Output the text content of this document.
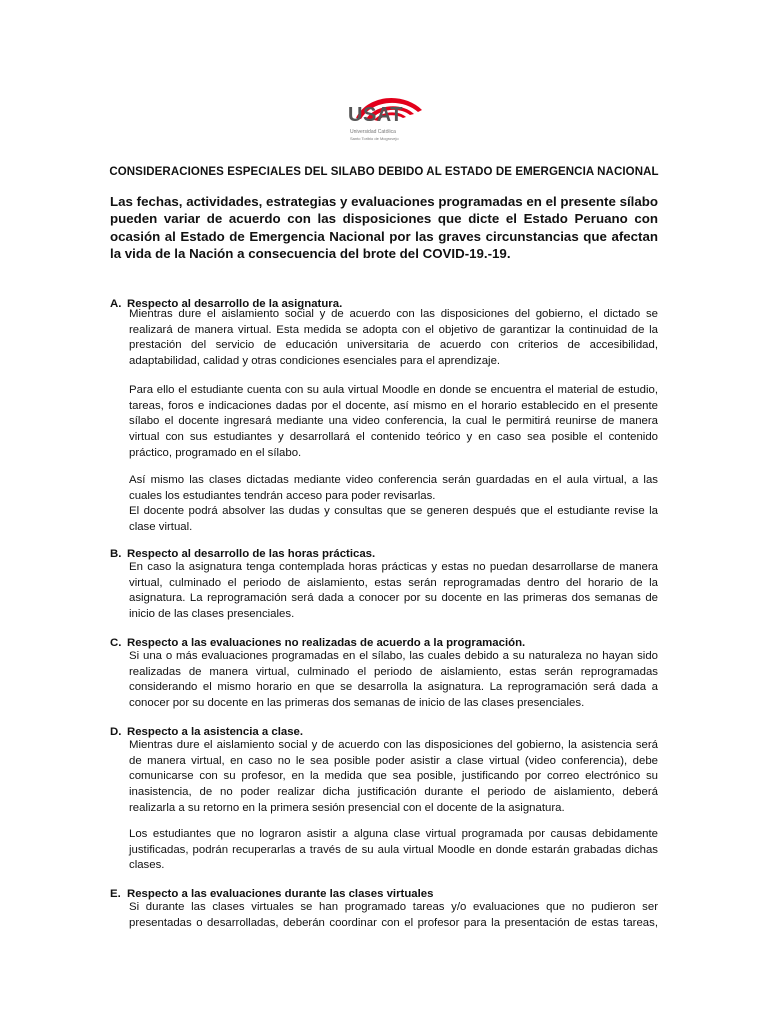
USAT
Universidad Católica
Santo Toribio de Mogrovejo
CONSIDERACIONES ESPECIALES DEL SILABO DEBIDO AL ESTADO DE EMERGENCIA NACIONAL
Las fechas, actividades, estrategias y evaluaciones programadas en el presente sílabo pueden variar de acuerdo con las disposiciones que dicte el Estado Peruano con ocasión al Estado de Emergencia Nacional por las graves circunstancias que afectan la vida de la Nación a consecuencia del brote del COVID-19.-19.
A. Respecto al desarrollo de la asignatura.
Mientras dure el aislamiento social y de acuerdo con las disposiciones del gobierno, el dictado se
realizará de manera virtual. Esta medida se adopta con el objetivo de garantizar la continuidad de la
prestación del servicio de educación universitaria de acuerdo con criterios de accesibilidad,
adaptabilidad, calidad y otras condiciones esenciales para el aprendizaje.
Para ello el estudiante cuenta con su aula virtual Moodle en donde se encuentra el material de estudio,
tareas, foros e indicaciones dadas por el docente, así mismo en el horario establecido en el presente
sílabo el docente ingresará mediante una video conferencia, la cual le permitirá reunirse de manera
virtual con sus estudiantes y desarrollará el contenido teórico y en caso sea posible el contenido
práctico, programado en el sílabo.
Así mismo las clases dictadas mediante video conferencia serán guardadas en el aula virtual, a las
cuales los estudiantes tendrán acceso para poder revisarlas.
El docente podrá absolver las dudas y consultas que se generen después que el estudiante revise la
clase virtual.
B. Respecto al desarrollo de las horas prácticas.
En caso la asignatura tenga contemplada horas prácticas y estas no puedan desarrollarse de manera
virtual, culminado el periodo de aislamiento, estas serán reprogramadas dentro del horario de la
asignatura. La reprogramación será dada a conocer por su docente en las primeras dos semanas de
inicio de las clases presenciales.
C. Respecto a las evaluaciones no realizadas de acuerdo a la programación.
Si una o más evaluaciones programadas en el sílabo, las cuales debido a su naturaleza no hayan sido
realizadas de manera virtual, culminado el periodo de aislamiento, estas serán reprogramadas
considerando el mismo horario en que se desarrolla la asignatura. La reprogramación será dada a
conocer por su docente en las primeras dos semanas de inicio de las clases presenciales.
D. Respecto a la asistencia a clase.
Mientras dure el aislamiento social y de acuerdo con las disposiciones del gobierno, la asistencia será
de manera virtual, en caso no le sea posible poder asistir a clase virtual (video conferencia), debe
comunicarse con su profesor, en la medida que sea posible, justificando por correo electrónico su
inasistencia, de no poder realizar dicha justificación durante el periodo de aislamiento, deberá
realizarla a su retorno en la primera sesión presencial con el docente de la asignatura.
Los estudiantes que no lograron asistir a alguna clase virtual programada por causas debidamente
justificadas, podrán recuperarlas a través de su aula virtual Moodle en donde estarán grabadas dichas
clases.
E. Respecto a las evaluaciones durante las clases virtuales
Si durante las clases virtuales se han programado tareas y/o evaluaciones que no pudieron ser
presentadas o desarrolladas, deberán coordinar con el profesor para la presentación de estas tareas,
